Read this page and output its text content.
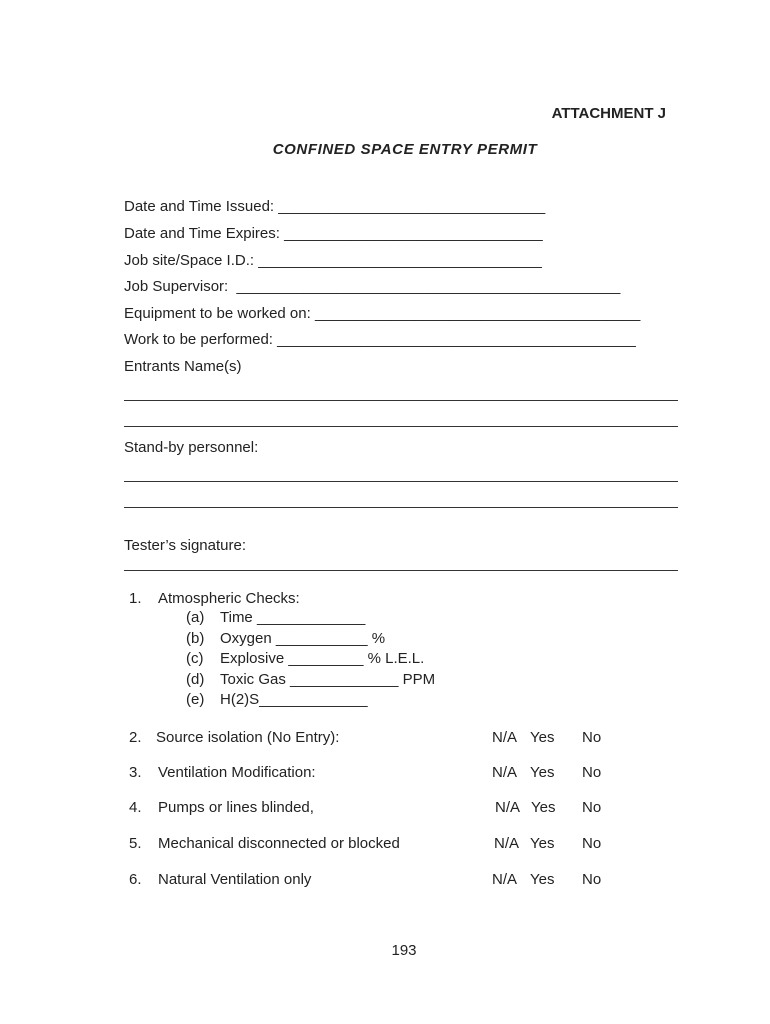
ATTACHMENT J
CONFINED SPACE ENTRY PERMIT
Date and Time Issued: ________________________________
Date and Time Expires: _______________________________
Job site/Space I.D.: __________________________________
Job Supervisor:  ______________________________________________
Equipment to be worked on: _______________________________________
Work to be performed: ___________________________________________
Entrants Name(s)
Stand-by personnel:
Tester’s signature:
1. Atmospheric Checks:
(a) Time _____________
(b) Oxygen ___________ %
(c) Explosive _________ % L.E.L.
(d) Toxic Gas _____________ PPM
(e) H(2)S_____________
2. Source isolation (No Entry):	N/A Yes No
3. Ventilation Modification:	N/A Yes No
4. Pumps or lines blinded,	N/A Yes No
5. Mechanical disconnected or blocked	N/A Yes No
6. Natural Ventilation only	N/A Yes No
193
